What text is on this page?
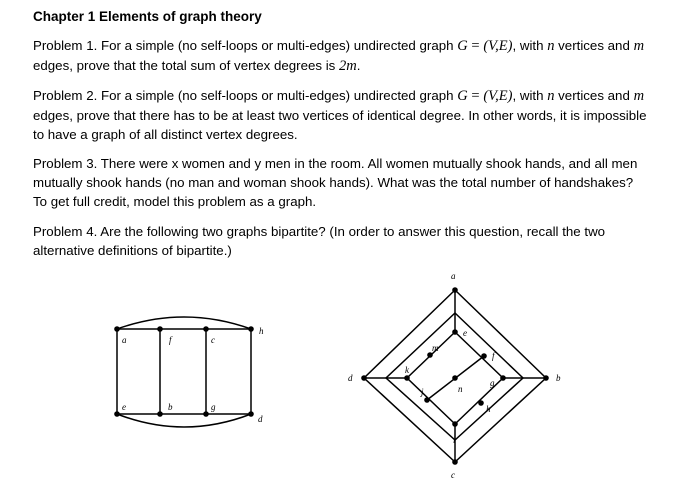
Chapter 1 Elements of graph theory
Problem 1. For a simple (no self-loops or multi-edges) undirected graph G = (V,E), with n vertices and m edges, prove that the total sum of vertex degrees is 2m.
Problem 2. For a simple (no self-loops or multi-edges) undirected graph G = (V,E), with n vertices and m edges, prove that there has to be at least two vertices of identical degree. In other words, it is impossible to have a graph of all distinct vertex degrees.
Problem 3. There were x women and y men in the room. All women mutually shook hands, and all men mutually shook hands (no man and woman shook hands). What was the total number of handshakes? To get full credit, model this problem as a graph.
Problem 4. Are the following two graphs bipartite? (In order to answer this question, recall the two alternative definitions of bipartite.)
a	f	c
h
e	b	g
d
a
b
c
d
e
f
g
h
i
j
k
m
n
